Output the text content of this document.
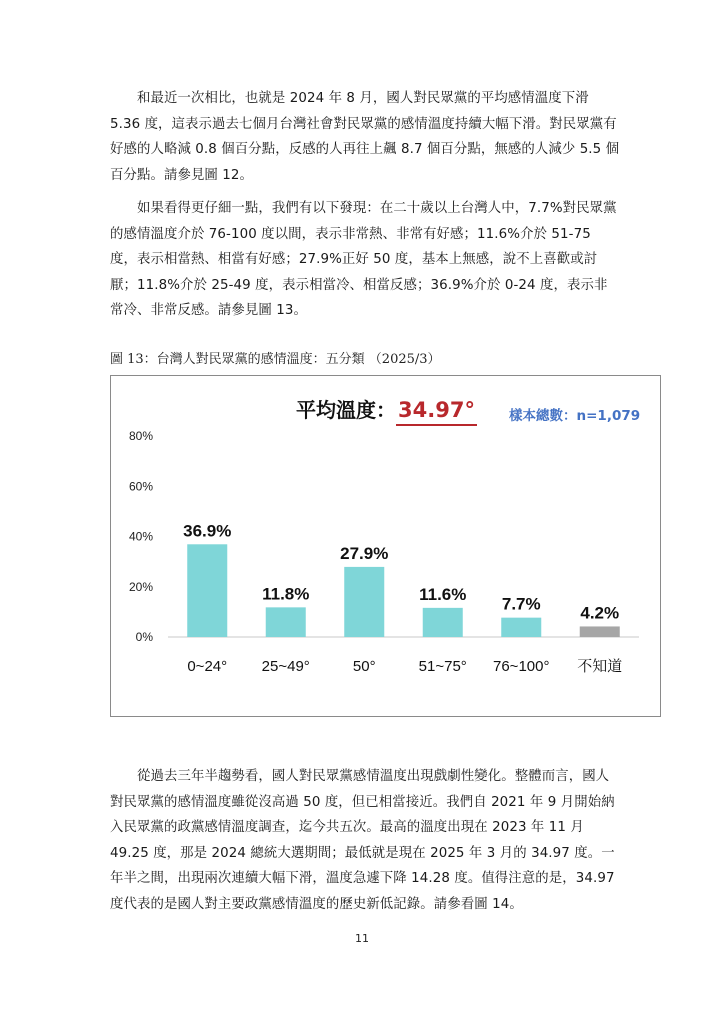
和最近一次相比，也就是 2024 年 8 月，國人對民眾黨的平均感情溫度下滑 5.36 度，這表示過去七個月台灣社會對民眾黨的感情溫度持續大幅下滑。對民眾黨有好感的人略減 0.8 個百分點，反感的人再往上飆 8.7 個百分點，無感的人減少 5.5 個百分點。請參見圖 12。

如果看得更仔細一點，我們有以下發現：在二十歲以上台灣人中，7.7%對民眾黨的感情溫度介於 76-100 度以間，表示非常熱、非常有好感；11.6%介於 51-75 度，表示相當熱、相當有好感；27.9%正好 50 度，基本上無感，說不上喜歡或討厭；11.8%介於 25-49 度，表示相當冷、相當反感；36.9%介於 0-24 度，表示非常冷、非常反感。請參見圖 13。

圖 13：台灣人對民眾黨的感情溫度：五分類 （2025/3）
平均溫度：34.97°	樣本總數：n=1,079
0%
20%
40%
60%
80%
36.9%
0~24°
11.8%
25~49°
27.9%
50°
11.6%
51~75°
7.7%
76~100°
4.2%
不知道

從過去三年半趨勢看，國人對民眾黨感情溫度出現戲劇性變化。整體而言，國人對民眾黨的感情溫度雖從沒高過 50 度，但已相當接近。我們自 2021 年 9 月開始納入民眾黨的政黨感情溫度調查，迄今共五次。最高的溫度出現在 2023 年 11 月 49.25 度，那是 2024 總統大選期間；最低就是現在 2025 年 3 月的 34.97 度。一年半之間，出現兩次連續大幅下滑，溫度急遽下降 14.28 度。值得注意的是，34.97 度代表的是國人對主要政黨感情溫度的歷史新低記錄。請參看圖 14。

11
